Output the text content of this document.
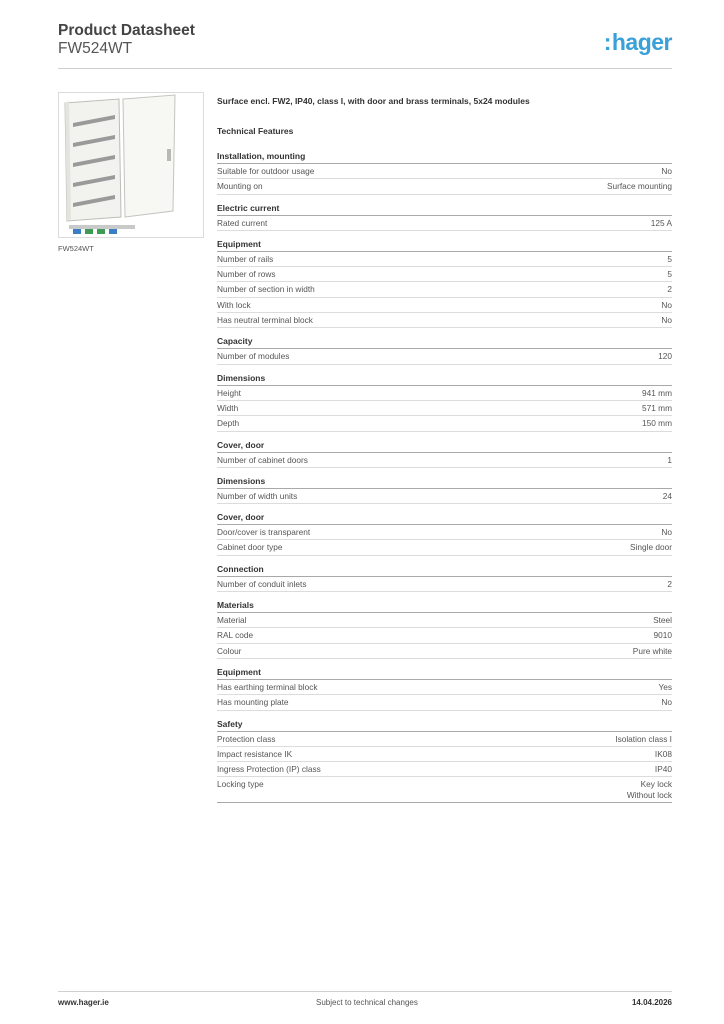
Product Datasheet
FW524WT	:hager
FW524WT
Surface encl. FW2, IP40, class I, with door and brass terminals, 5x24 modules
Technical Features
Installation, mounting
Suitable for outdoor usage	No
Mounting on	Surface mounting
Electric current
Rated current	125 A
Equipment
Number of rails	5
Number of rows	5
Number of section in width	2
With lock	No
Has neutral terminal block	No
Capacity
Number of modules	120
Dimensions
Height	941 mm
Width	571 mm
Depth	150 mm
Cover, door
Number of cabinet doors	1
Dimensions
Number of width units	24
Cover, door
Door/cover is transparent	No
Cabinet door type	Single door
Connection
Number of conduit inlets	2
Materials
Material	Steel
RAL code	9010
Colour	Pure white
Equipment
Has earthing terminal block	Yes
Has mounting plate	No
Safety
Protection class	Isolation class I
Impact resistance IK	IK08
Ingress Protection (IP) class	IP40
Locking type	Key lock
Without lock
www.hager.ie	Subject to technical changes	14.04.2026
